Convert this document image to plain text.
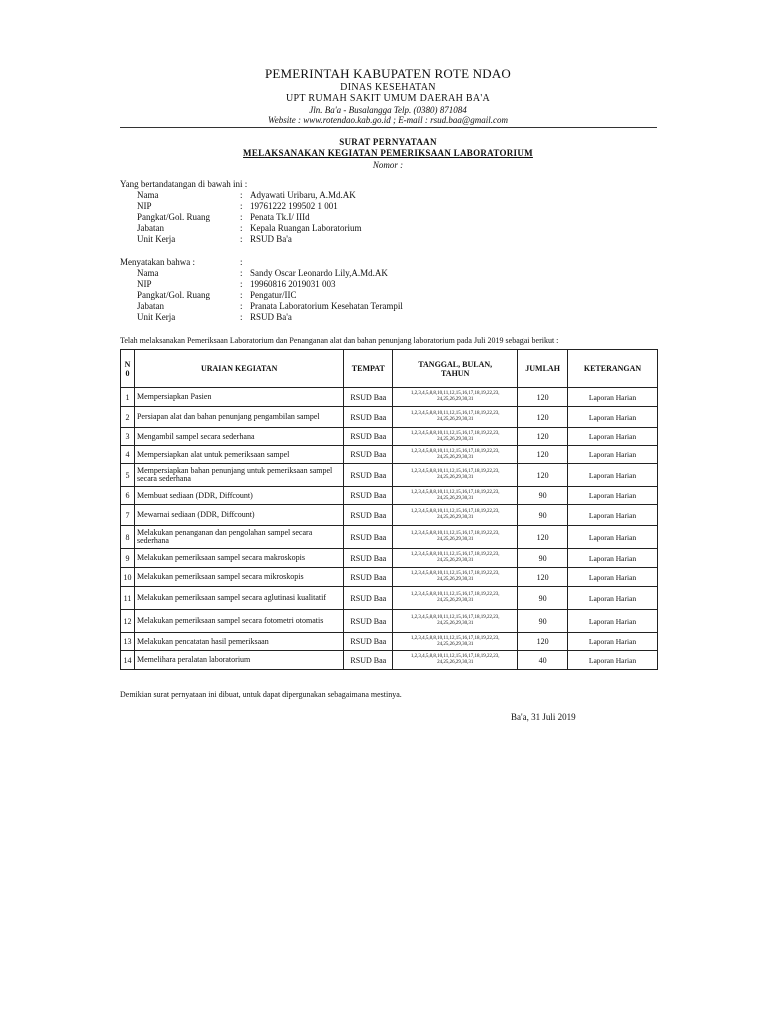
PEMERINTAH KABUPATEN ROTE NDAO
DINAS KESEHATAN
UPT RUMAH SAKIT UMUM DAERAH BA'A
Jln. Ba'a - Busalangga Telp. (0380) 871084
Website : www.rotendao.kab.go.id ; E-mail : rsud.baa@gmail.com
SURAT PERNYATAAN
MELAKSANAKAN KEGIATAN PEMERIKSAAN LABORATORIUM
Nomor :
Yang bertandatangan di bawah ini :
Nama	: Adyawati Uribaru, A.Md.AK
NIP	: 19761222 199502 1 001
Pangkat/Gol. Ruang	: Penata Tk.I/ IIId
Jabatan	: Kepala Ruangan Laboratorium
Unit Kerja	: RSUD Ba'a
Menyatakan bahwa :	:
Nama	: Sandy Oscar Leonardo Lily,A.Md.AK
NIP	: 19960816 2019031 003
Pangkat/Gol. Ruang	: Pengatur/IIC
Jabatan	: Pranata Laboratorium Kesehatan Terampil
Unit Kerja	: RSUD Ba'a
Telah melaksanakan Pemeriksaan Laboratorium dan Penanganan alat dan bahan penunjang laboratorium pada Juli 2019 sebagai berikut :
N
0	URAIAN KEGIATAN	TEMPAT	TANGGAL, BULAN,
TAHUN	JUMLAH	KETERANGAN
1	Mempersiapkan Pasien	RSUD Baa	1,2,3,4,5,8,8,10,11,12,15,16,17,18,19,22,23,
24,25,26,29,30,31	120	Laporan Harian
2	Persiapan alat dan bahan penunjang pengambilan sampel	RSUD Baa	1,2,3,4,5,8,8,10,11,12,15,16,17,18,19,22,23,
24,25,26,29,30,31	120	Laporan Harian
3	Mengambil sampel secara sederhana	RSUD Baa	1,2,3,4,5,8,8,10,11,12,15,16,17,18,19,22,23,
24,25,26,29,30,31	120	Laporan Harian
4	Mempersiapkan alat untuk pemeriksaan sampel	RSUD Baa	1,2,3,4,5,8,8,10,11,12,15,16,17,18,19,22,23,
24,25,26,29,30,31	120	Laporan Harian
5	Mempersiapkan bahan penunjang untuk pemeriksaan sampel secara sederhana	RSUD Baa	1,2,3,4,5,8,8,10,11,12,15,16,17,18,19,22,23,
24,25,26,29,30,31	120	Laporan Harian
6	Membuat sediaan (DDR, Diffcount)	RSUD Baa	1,2,3,4,5,8,8,10,11,12,15,16,17,18,19,22,23,
24,25,26,29,30,31	90	Laporan Harian
7	Mewarnai sediaan (DDR, Diffcount)	RSUD Baa	1,2,3,4,5,8,8,10,11,12,15,16,17,18,19,22,23,
24,25,26,29,30,31	90	Laporan Harian
8	Melakukan penanganan dan pengolahan sampel secara sederhana	RSUD Baa	1,2,3,4,5,8,8,10,11,12,15,16,17,18,19,22,23,
24,25,26,29,30,31	120	Laporan Harian
9	Melakukan pemeriksaan sampel secara makroskopis	RSUD Baa	1,2,3,4,5,8,8,10,11,12,15,16,17,18,19,22,23,
24,25,26,29,30,31	90	Laporan Harian
10	Melakukan pemeriksaan sampel secara mikroskopis	RSUD Baa	1,2,3,4,5,8,8,10,11,12,15,16,17,18,19,22,23,
24,25,26,29,30,31	120	Laporan Harian
11	Melakukan pemeriksaan sampel secara aglutinasi kualitatif	RSUD Baa	1,2,3,4,5,8,8,10,11,12,15,16,17,18,19,22,23,
24,25,26,29,30,31	90	Laporan Harian
12	Melakukan pemeriksaan sampel secara fotometri otomatis	RSUD Baa	1,2,3,4,5,8,8,10,11,12,15,16,17,18,19,22,23,
24,25,26,29,30,31	90	Laporan Harian
13	Melakukan pencatatan hasil pemeriksaan	RSUD Baa	1,2,3,4,5,8,8,10,11,12,15,16,17,18,19,22,23,
24,25,26,29,30,31	120	Laporan Harian
14	Memelihara peralatan laboratorium	RSUD Baa	1,2,3,4,5,8,8,10,11,12,15,16,17,18,19,22,23,
24,25,26,29,30,31	40	Laporan Harian
Demikian surat pernyataan ini dibuat, untuk dapat dipergunakan sebagaimana mestinya.
Ba'a, 31 Juli 2019
